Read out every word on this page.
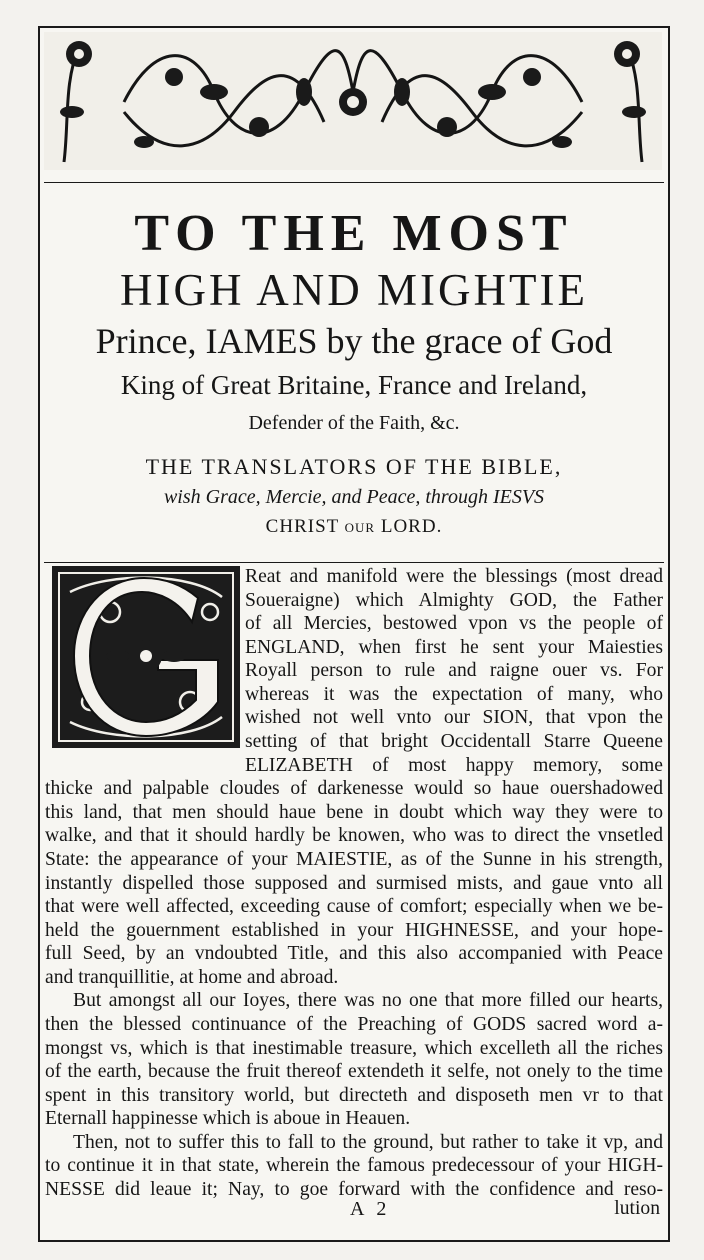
TO THE MOST

HIGH AND MIGHTIE

Prince, IAMES by the grace of God

King of Great Britaine, France and Ireland,

Defender of the Faith, &c.

THE TRANSLATORS OF THE BIBLE,

wish Grace, Mercie, and Peace, through IESVS

CHRIST our LORD.

Reat and manifold were the blessings (most dread

Soueraigne) which Almighty GOD, the Father

of all Mercies, bestowed vpon vs the people of

ENGLAND, when first he sent your Maiesties

Royall person to rule and raigne ouer vs. For

whereas it was the expectation of many, who

wished not well vnto our SION, that vpon the

setting of that bright Occidentall Starre Queene

ELIZABETH of most happy memory, some

thicke and palpable cloudes of darkenesse would so haue ouershadowed

this land, that men should haue bene in doubt which way they were to

walke, and that it should hardly be knowen, who was to direct the vnsetled

State: the appearance of your MAIESTIE, as of the Sunne in his strength,

instantly dispelled those supposed and surmised mists, and gaue vnto all

that were well affected, exceeding cause of comfort; especially when we be-

held the gouernment established in your HIGHNESSE, and your hope-

full Seed, by an vndoubted Title, and this also accompanied with Peace

and tranquillitie, at home and abroad.

But amongst all our Ioyes, there was no one that more filled our hearts,

then the blessed continuance of the Preaching of GODS sacred word a-

mongst vs, which is that inestimable treasure, which excelleth all the riches

of the earth, because the fruit thereof extendeth it selfe, not onely to the time

spent in this transitory world, but directeth and disposeth men vr to that

Eternall happinesse which is aboue in Heauen.

Then, not to suffer this to fall to the ground, but rather to take it vp, and

to continue it in that state, wherein the famous predecessour of your HIGH-

NESSE did leaue it; Nay, to goe forward with the confidence and reso-

A 2	lution
